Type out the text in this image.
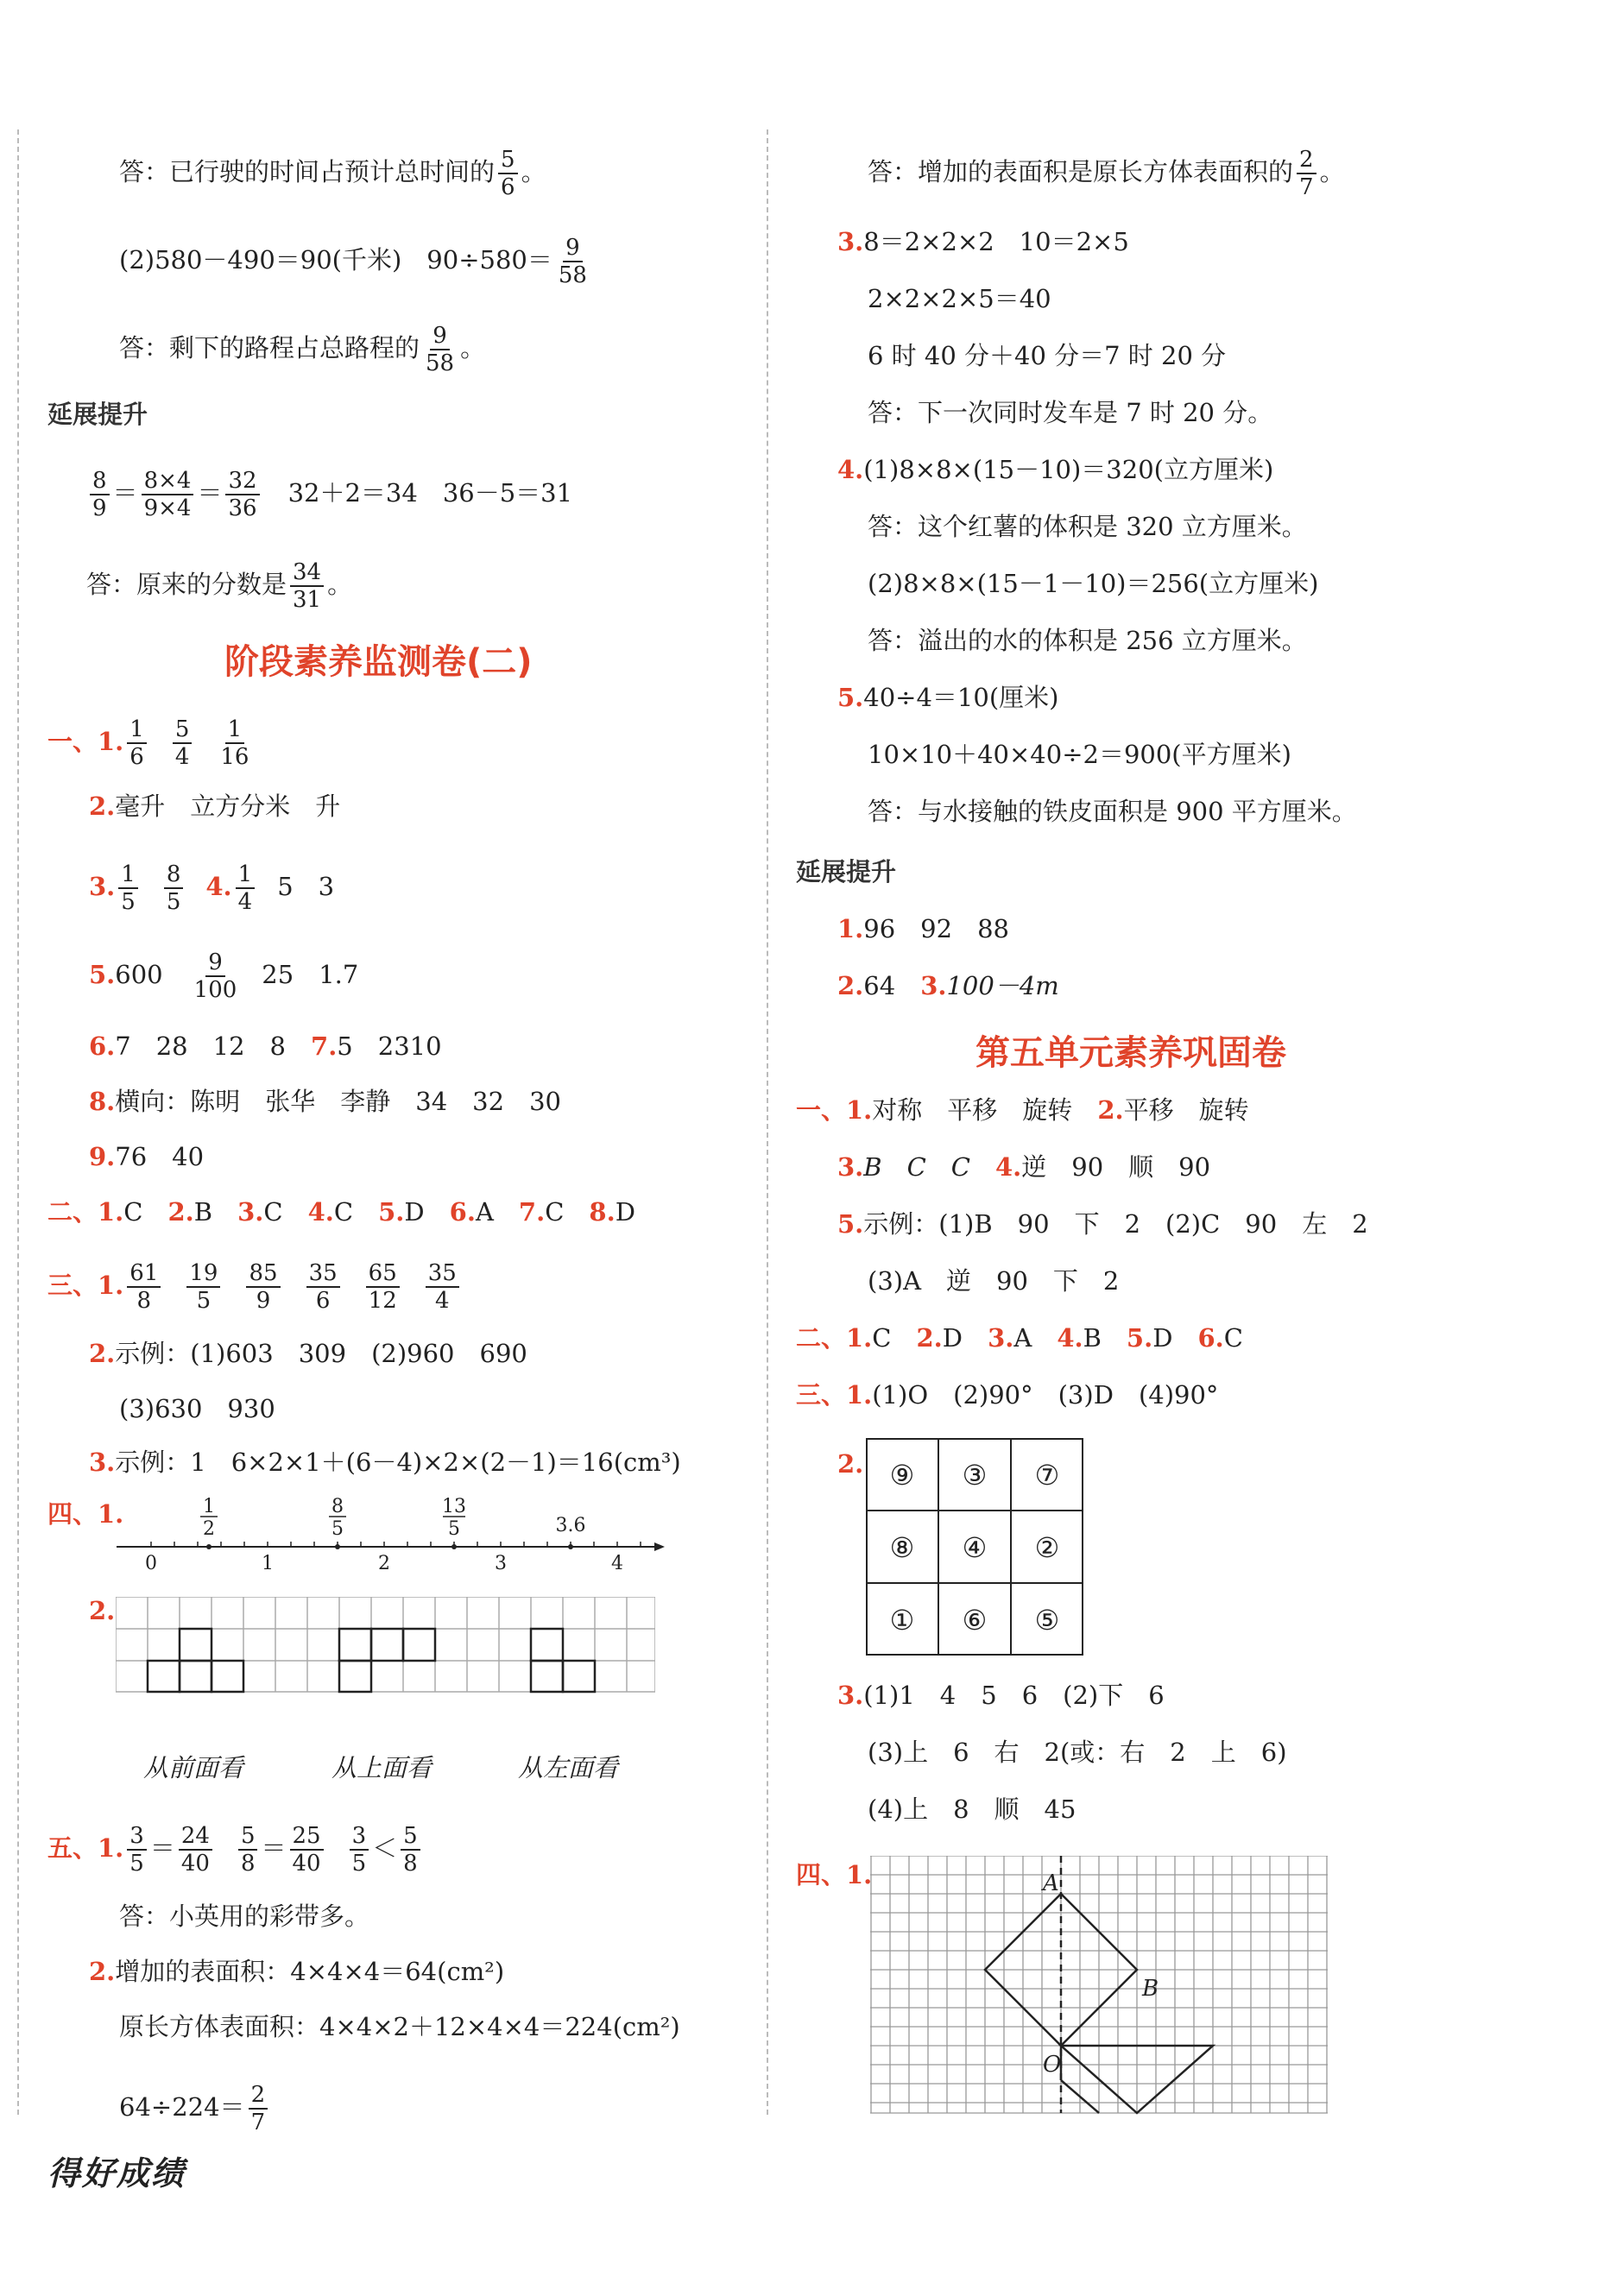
答：已行驶的时间占预计总时间的 $\frac{5}{6}$ 。
(2)580－490＝90(千米)　$90\div 580= \frac{9}{58}$
答：剩下的路程占总路程的 $\frac{9}{58}$ 。
延展提升
$\frac{8}{9} = \frac{8\times 4}{9\times 4} = \frac{32}{36}$
　 32＋2＝34　36－5＝31
答：原来的分数是 $\frac{34}{31}$ 。
阶段素养监测卷(二)
一、1. $\frac{1}{6} \frac{5}{4} \frac{1}{16}$
2.毫升　立方分米　升
3. $\frac{1}{5} \frac{8}{5} 4$. $\frac{1}{4} 5$　3
5.600　 $\frac{9}{100} 25$　1.7
6.7　28　12　8　 7.5　2310
8.横向：陈明　张华　李静　34　32　30
9.76　40
二、1.C　 2.B　 3.C　 4.C　 5.D　 6.A　 7.C　 8.D
三、1. $\frac{61}{8} \frac{19}{5} \frac{85}{9} \frac{35}{6} \frac{65}{12} \frac{35}{4}$
2.示例：(1)603　309　(2)960　690
(3)630　930
3.示例：1　6×2×1＋(6－4)×2×(2－1)＝16(cm³)
四、1.
0	1	2	3	4
1
2
8
5
13
5	3.6
2.
从前面看	从上面看	从左面看
五、1. $\frac{3}{5} = \frac{24}{40} \frac{5}{8} = \frac{25}{40} \frac{3}{5} < \frac{5}{8}$
答：小英用的彩带多。
2.增加的表面积：4×4×4＝64(cm²)
原长方体表面积：4×4×2＋12×4×4＝224(cm²)
$64\div 224= \frac{2}{7}$
答：增加的表面积是原长方体表面积的 $\frac{2}{7}$ 。
3.8＝2×2×2　10＝2×5
2×2×2×5＝40
6 时 40 分＋40 分＝7 时 20 分
答：下一次同时发车是 7 时 20 分。
4.(1)8×8×(15－10)＝320(立方厘米)
答：这个红薯的体积是 320 立方厘米。
(2)8×8×(15－1－10)＝256(立方厘米)
答：溢出的水的体积是 256 立方厘米。
5.40÷4＝10(厘米)
10×10＋40×40÷2＝900(平方厘米)
答：与水接触的铁皮面积是 900 平方厘米。
延展提升
1.96　92　88
2.64　 3.100－4m
第五单元素养巩固卷
一、1.对称　平移　旋转　 2.平移　旋转
3.B　C　C　 4.逆　90　顺　90
5.示例：(1)B　90　下　2　(2)C　90　左　2
(3)A　逆　90　下　2
二、1.C　 2.D　 3.A　 4.B　 5.D　 6.C
三、1.(1)O　(2)90°　(3)D　(4)90°
2. ⑨ ③ ⑦
⑧ ④ ②
① ⑥ ⑤
3.(1)1　4　5　6　(2)下　6
(3)上　6　右　2(或：右　2　上　6)
(4)上　8　顺　45
四、1.	A
B
O
得好成绩
